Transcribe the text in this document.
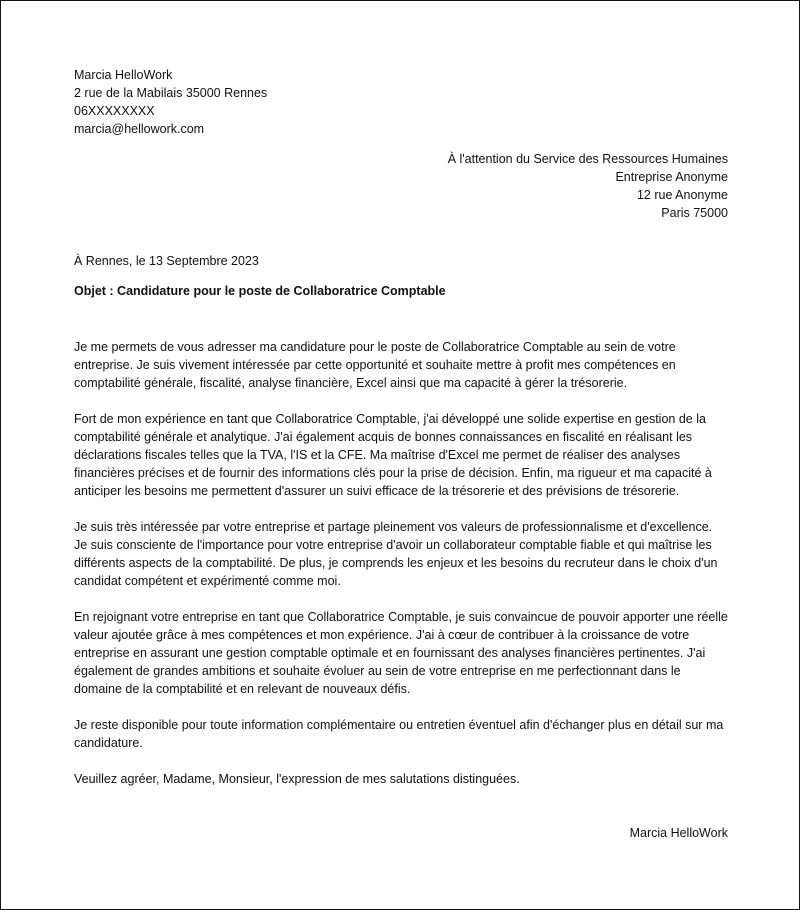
Marcia HelloWork

2 rue de la Mabilais 35000 Rennes

06XXXXXXXX

marcia@hellowork.com

À l'attention du Service des Ressources Humaines

Entreprise Anonyme

12 rue Anonyme

Paris 75000

À Rennes, le 13 Septembre 2023

Objet : Candidature pour le poste de Collaboratrice Comptable

Je me permets de vous adresser ma candidature pour le poste de Collaboratrice Comptable au sein de votre entreprise. Je suis vivement intéressée par cette opportunité et souhaite mettre à profit mes compétences en comptabilité générale, fiscalité, analyse financière, Excel ainsi que ma capacité à gérer la trésorerie.

Fort de mon expérience en tant que Collaboratrice Comptable, j'ai développé une solide expertise en gestion de la comptabilité générale et analytique. J'ai également acquis de bonnes connaissances en fiscalité en réalisant les déclarations fiscales telles que la TVA, l'IS et la CFE. Ma maîtrise d'Excel me permet de réaliser des analyses financières précises et de fournir des informations clés pour la prise de décision. Enfin, ma rigueur et ma capacité à anticiper les besoins me permettent d'assurer un suivi efficace de la trésorerie et des prévisions de trésorerie.

Je suis très intéressée par votre entreprise et partage pleinement vos valeurs de professionnalisme et d'excellence. Je suis consciente de l'importance pour votre entreprise d'avoir un collaborateur comptable fiable et qui maîtrise les différents aspects de la comptabilité. De plus, je comprends les enjeux et les besoins du recruteur dans le choix d'un candidat compétent et expérimenté comme moi.

En rejoignant votre entreprise en tant que Collaboratrice Comptable, je suis convaincue de pouvoir apporter une réelle valeur ajoutée grâce à mes compétences et mon expérience. J'ai à cœur de contribuer à la croissance de votre entreprise en assurant une gestion comptable optimale et en fournissant des analyses financières pertinentes. J'ai également de grandes ambitions et souhaite évoluer au sein de votre entreprise en me perfectionnant dans le domaine de la comptabilité et en relevant de nouveaux défis.

Je reste disponible pour toute information complémentaire ou entretien éventuel afin d'échanger plus en détail sur ma candidature.

Veuillez agréer, Madame, Monsieur, l'expression de mes salutations distinguées.

Marcia HelloWork
